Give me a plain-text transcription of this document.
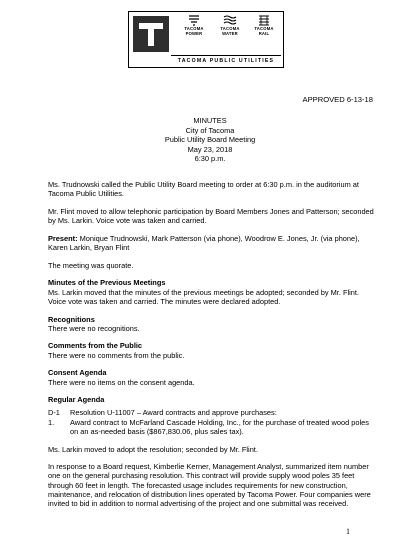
TACOMA
POWER
TACOMA
WATER
TACOMA
RAIL
TACOMA PUBLIC UTILITIES
APPROVED 6-13-18
MINUTES
City of Tacoma
Public Utility Board Meeting
May 23, 2018
6:30 p.m.

Ms. Trudnowski called the Public Utility Board meeting to order at 6:30 p.m. in the auditorium at Tacoma Public Utilities.

Mr. Flint moved to allow telephonic participation by Board Members Jones and Patterson; seconded by Ms. Larkin. Voice vote was taken and carried.

Present: Monique Trudnowski, Mark Patterson (via phone), Woodrow E. Jones, Jr. (via phone), Karen Larkin, Bryan Flint

The meeting was quorate.

Minutes of the Previous Meetings

Ms. Larkin moved that the minutes of the previous meetings be adopted; seconded by Mr. Flint. Voice vote was taken and carried. The minutes were declared adopted.

Recognitions

There were no recognitions.

Comments from the Public

There were no comments from the public.

Consent Agenda

There were no items on the consent agenda.

Regular Agenda

D-1	Resolution U-11007 – Award contracts and approve purchases:
1.	Award contract to McFarland Cascade Holding, Inc., for the purchase of treated wood poles on an as-needed basis ($867,830.06, plus sales tax).

Ms. Larkin moved to adopt the resolution; seconded by Mr. Flint.

In response to a Board request, Kimberlie Kerner, Management Analyst, summarized item number one on the general purchasing resolution. This contract will provide supply wood poles 35 feet through 60 feet in length. The forecasted usage includes requirements for new construction, maintenance, and relocation of distribution lines operated by Tacoma Power. Four companies were invited to bid in addition to normal advertising of the project and one submittal was received.

1
